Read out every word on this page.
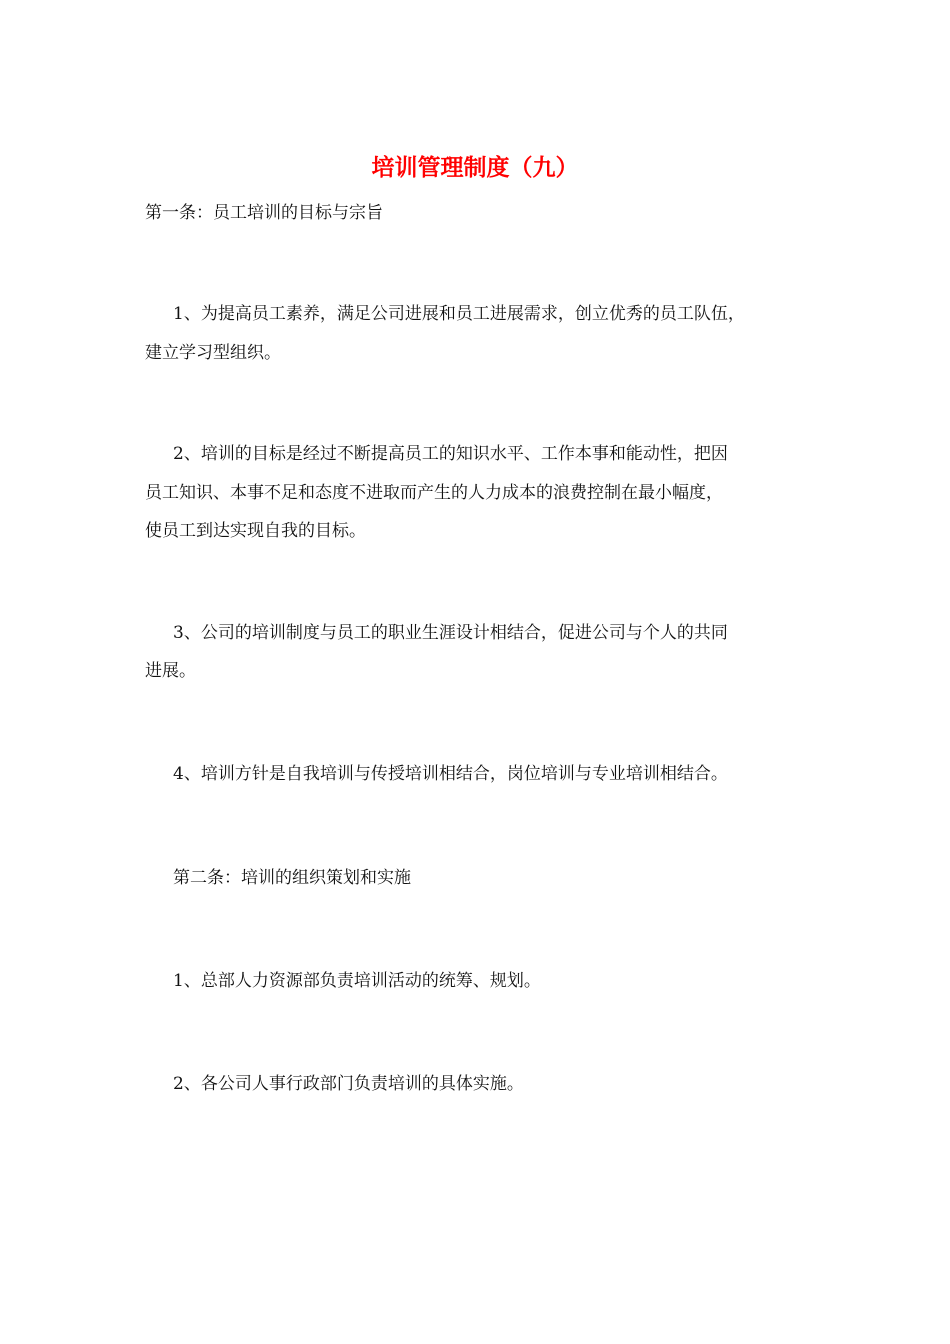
培训管理制度（九）
第一条：员工培训的目标与宗旨
1、为提高员工素养，满足公司进展和员工进展需求，创立优秀的员工队伍，
建立学习型组织。
2、培训的目标是经过不断提高员工的知识水平、工作本事和能动性，把因
员工知识、本事不足和态度不进取而产生的人力成本的浪费控制在最小幅度，
使员工到达实现自我的目标。
3、公司的培训制度与员工的职业生涯设计相结合，促进公司与个人的共同
进展。
4、培训方针是自我培训与传授培训相结合，岗位培训与专业培训相结合。
第二条：培训的组织策划和实施
1、总部人力资源部负责培训活动的统筹、规划。
2、各公司人事行政部门负责培训的具体实施。
